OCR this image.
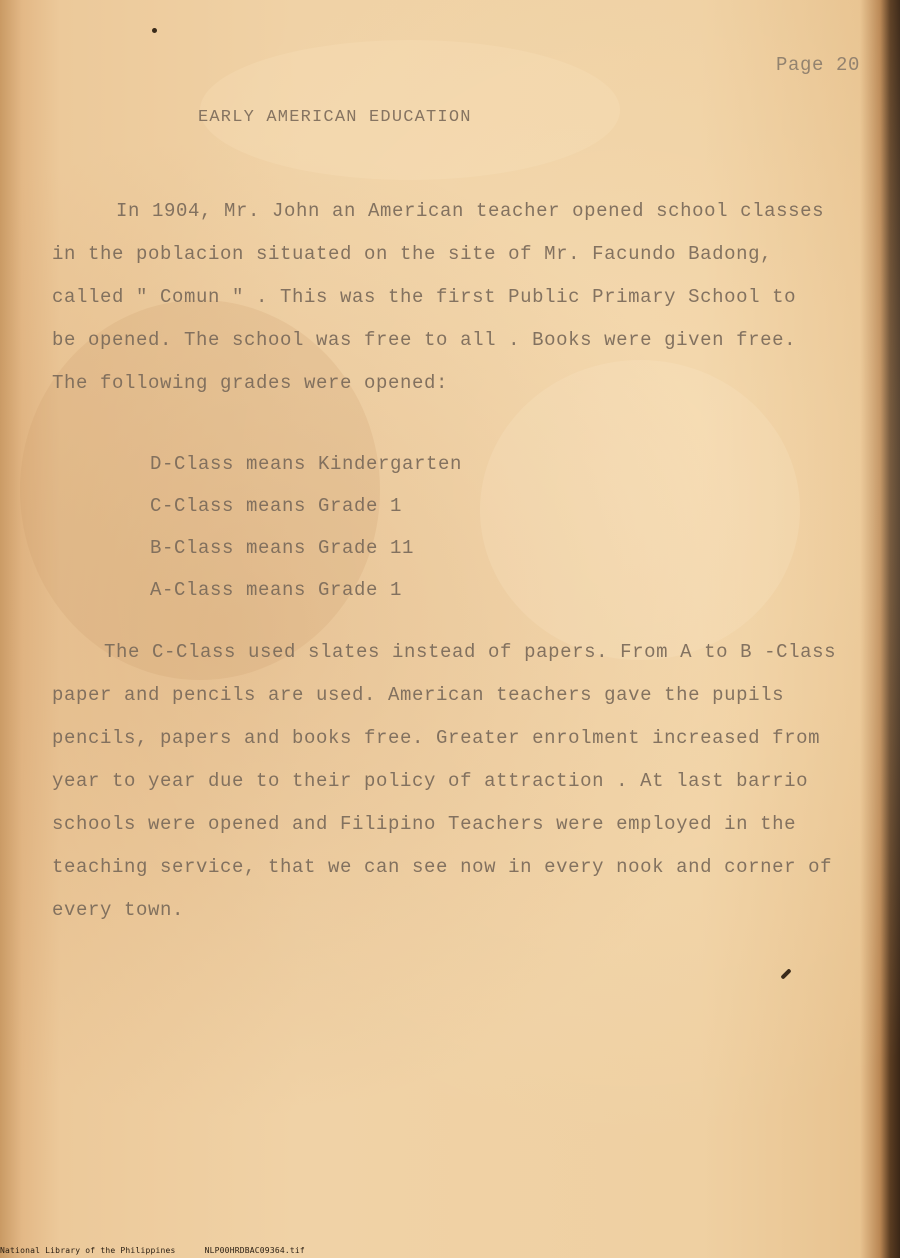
Page 20
EARLY AMERICAN EDUCATION
In 1904, Mr. John an American teacher opened school classes
in the poblacion situated on the site of Mr. Facundo Badong,
called " Comun " . This was the first Public Primary School to
be opened. The school was free to all . Books were given free.
The following grades were opened:
D-Class means Kindergarten
C-Class means Grade 1
B-Class means Grade 11
A-Class means Grade 1
The C-Class used slates instead of papers. From A to B -Class
paper and pencils are used. American teachers gave the pupils
pencils, papers and books free. Greater enrolment increased from
year to year due to their policy of attraction . At last barrio
schools were opened and Filipino Teachers were employed in the
teaching service, that we can see now in every nook and corner of
every town.
National Library of the Philippines	NLP00HRDBAC09364.tif
